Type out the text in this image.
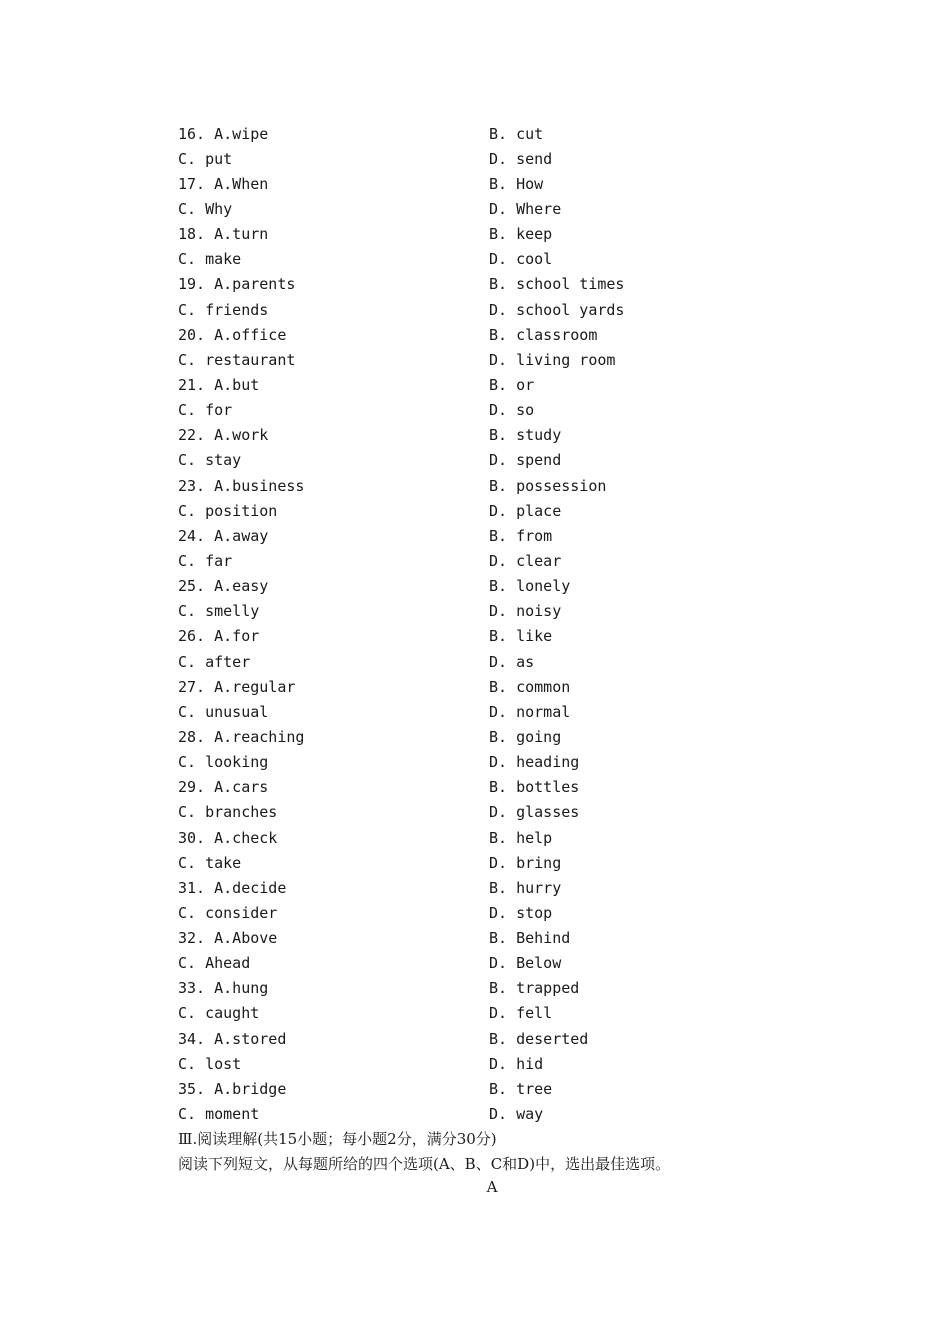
16. A.wipe	B. cut
C. put	D. send
17. A.When	B. How
C. Why	D. Where
18. A.turn	B. keep
C. make	D. cool
19. A.parents	B. school times
C. friends	D. school yards
20. A.office	B. classroom
C. restaurant	D. living room
21. A.but	B. or
C. for	D. so
22. A.work	B. study
C. stay	D. spend
23. A.business	B. possession
C. position	D. place
24. A.away	B. from
C. far	D. clear
25. A.easy	B. lonely
C. smelly	D. noisy
26. A.for	B. like
C. after	D. as
27. A.regular	B. common
C. unusual	D. normal
28. A.reaching	B. going
C. looking	D. heading
29. A.cars	B. bottles
C. branches	D. glasses
30. A.check	B. help
C. take	D. bring
31. A.decide	B. hurry
C. consider	D. stop
32. A.Above	B. Behind
C. Ahead	D. Below
33. A.hung	B. trapped
C. caught	D. fell
34. A.stored	B. deserted
C. lost	D. hid
35. A.bridge	B. tree
C. moment	D. way
Ⅲ.阅读理解(共15小题；每小题2分，满分30分)
阅读下列短文，从每题所给的四个选项(A、B、C和D)中，选出最佳选项。
A
